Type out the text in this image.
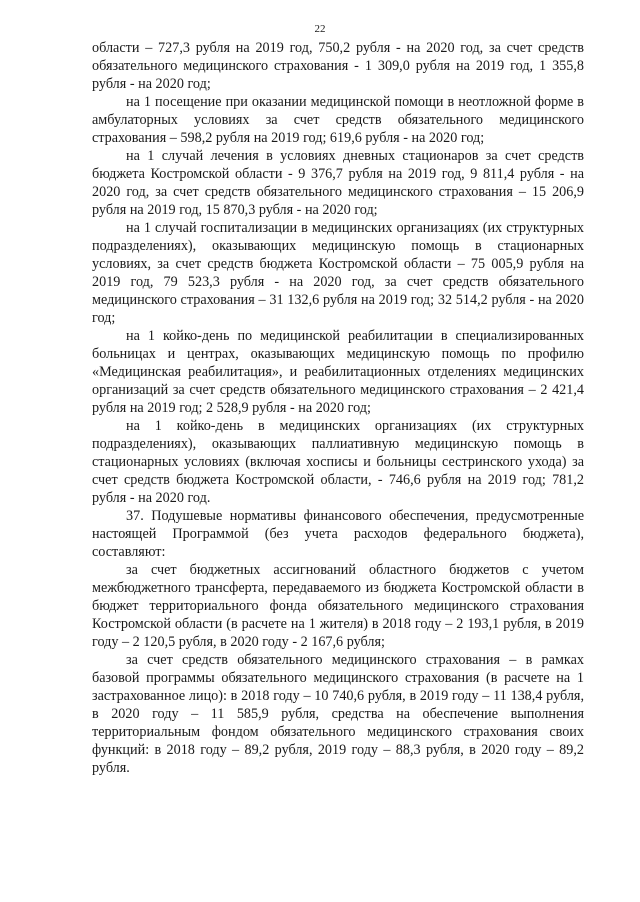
22

области – 727,3 рубля на 2019 год, 750,2 рубля - на 2020 год, за счет средств обязательного медицинского страхования - 1 309,0 рубля на 2019 год, 1 355,8 рубля - на 2020 год;

на 1 посещение при оказании медицинской помощи в неотложной форме в амбулаторных условиях за счет средств обязательного медицинского страхования – 598,2 рубля на 2019 год; 619,6 рубля - на 2020 год;

на 1 случай лечения в условиях дневных стационаров за счет средств бюджета Костромской области - 9 376,7 рубля на 2019 год, 9 811,4 рубля - на 2020 год, за счет средств обязательного медицинского страхования – 15 206,9 рубля на 2019 год, 15 870,3 рубля - на 2020 год;

на 1 случай госпитализации в медицинских организациях (их структурных подразделениях), оказывающих медицинскую помощь в стационарных условиях, за счет средств бюджета Костромской области – 75 005,9 рубля на 2019 год, 79 523,3 рубля - на 2020 год, за счет средств обязательного медицинского страхования – 31 132,6 рубля на 2019 год; 32 514,2 рубля - на 2020 год;

на 1 койко-день по медицинской реабилитации в специализированных больницах и центрах, оказывающих медицинскую помощь по профилю «Медицинская реабилитация», и реабилитационных отделениях медицинских организаций за счет средств обязательного медицинского страхования – 2 421,4 рубля на 2019 год; 2 528,9 рубля - на 2020 год;

на 1 койко-день в медицинских организациях (их структурных подразделениях), оказывающих паллиативную медицинскую помощь в стационарных условиях (включая хосписы и больницы сестринского ухода) за счет средств бюджета Костромской области, - 746,6 рубля на 2019 год; 781,2 рубля - на 2020 год.

37. Подушевые нормативы финансового обеспечения, предусмотренные настоящей Программой (без учета расходов федерального бюджета), составляют:

за счет бюджетных ассигнований областного бюджетов с учетом межбюджетного трансферта, передаваемого из бюджета Костромской области в бюджет территориального фонда обязательного медицинского страхования Костромской области (в расчете на 1 жителя) в 2018 году – 2 193,1 рубля, в 2019 году – 2 120,5 рубля, в 2020 году - 2 167,6 рубля;

за счет средств обязательного медицинского страхования – в рамках базовой программы обязательного медицинского страхования (в расчете на 1 застрахованное лицо): в 2018 году – 10 740,6 рубля, в 2019 году – 11 138,4 рубля, в 2020 году – 11 585,9 рубля, средства на обеспечение выполнения территориальным фондом обязательного медицинского страхования своих функций: в 2018 году – 89,2 рубля, 2019 году – 88,3 рубля, в 2020 году – 89,2 рубля.
